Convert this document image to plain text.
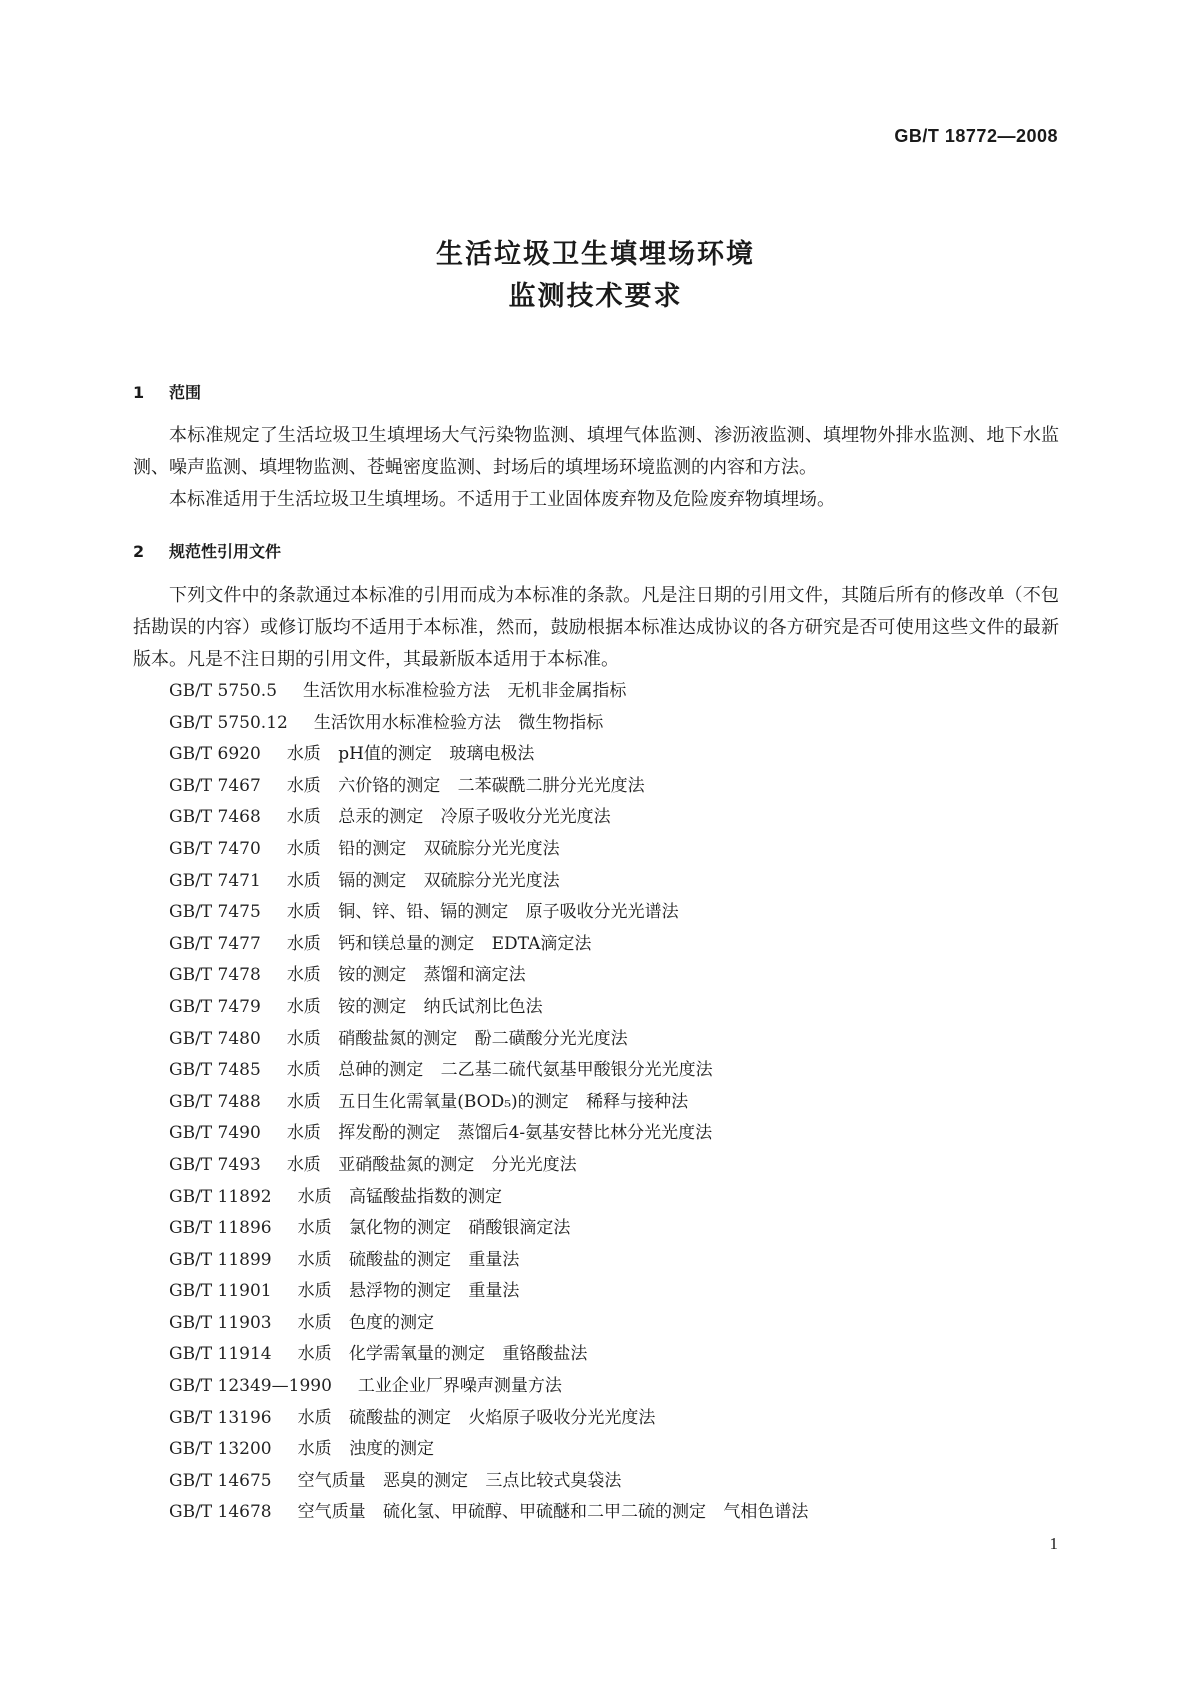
GB/T 18772—2008
生活垃圾卫生填埋场环境
监测技术要求
1 范围

本标准规定了生活垃圾卫生填埋场大气污染物监测、填埋气体监测、渗沥液监测、填埋物外排水监测、地下水监测、噪声监测、填埋物监测、苍蝇密度监测、封场后的填埋场环境监测的内容和方法。

本标准适用于生活垃圾卫生填埋场。不适用于工业固体废弃物及危险废弃物填埋场。

2 规范性引用文件

下列文件中的条款通过本标准的引用而成为本标准的条款。凡是注日期的引用文件，其随后所有的修改单（不包括勘误的内容）或修订版均不适用于本标准，然而，鼓励根据本标准达成协议的各方研究是否可使用这些文件的最新版本。凡是不注日期的引用文件，其最新版本适用于本标准。

GB/T 5750.5 生活饮用水标准检验方法 无机非金属指标
GB/T 5750.12 生活饮用水标准检验方法 微生物指标
GB/T 6920 水质 pH值的测定 玻璃电极法
GB/T 7467 水质 六价铬的测定 二苯碳酰二肼分光光度法
GB/T 7468 水质 总汞的测定 冷原子吸收分光光度法
GB/T 7470 水质 铅的测定 双硫腙分光光度法
GB/T 7471 水质 镉的测定 双硫腙分光光度法
GB/T 7475 水质 铜、锌、铅、镉的测定 原子吸收分光光谱法
GB/T 7477 水质 钙和镁总量的测定 EDTA滴定法
GB/T 7478 水质 铵的测定 蒸馏和滴定法
GB/T 7479 水质 铵的测定 纳氏试剂比色法
GB/T 7480 水质 硝酸盐氮的测定 酚二磺酸分光光度法
GB/T 7485 水质 总砷的测定 二乙基二硫代氨基甲酸银分光光度法
GB/T 7488 水质 五日生化需氧量(BOD₅)的测定 稀释与接种法
GB/T 7490 水质 挥发酚的测定 蒸馏后4-氨基安替比林分光光度法
GB/T 7493 水质 亚硝酸盐氮的测定 分光光度法
GB/T 11892 水质 高锰酸盐指数的测定
GB/T 11896 水质 氯化物的测定 硝酸银滴定法
GB/T 11899 水质 硫酸盐的测定 重量法
GB/T 11901 水质 悬浮物的测定 重量法
GB/T 11903 水质 色度的测定
GB/T 11914 水质 化学需氧量的测定 重铬酸盐法
GB/T 12349—1990 工业企业厂界噪声测量方法
GB/T 13196 水质 硫酸盐的测定 火焰原子吸收分光光度法
GB/T 13200 水质 浊度的测定
GB/T 14675 空气质量 恶臭的测定 三点比较式臭袋法
GB/T 14678 空气质量 硫化氢、甲硫醇、甲硫醚和二甲二硫的测定 气相色谱法
1
